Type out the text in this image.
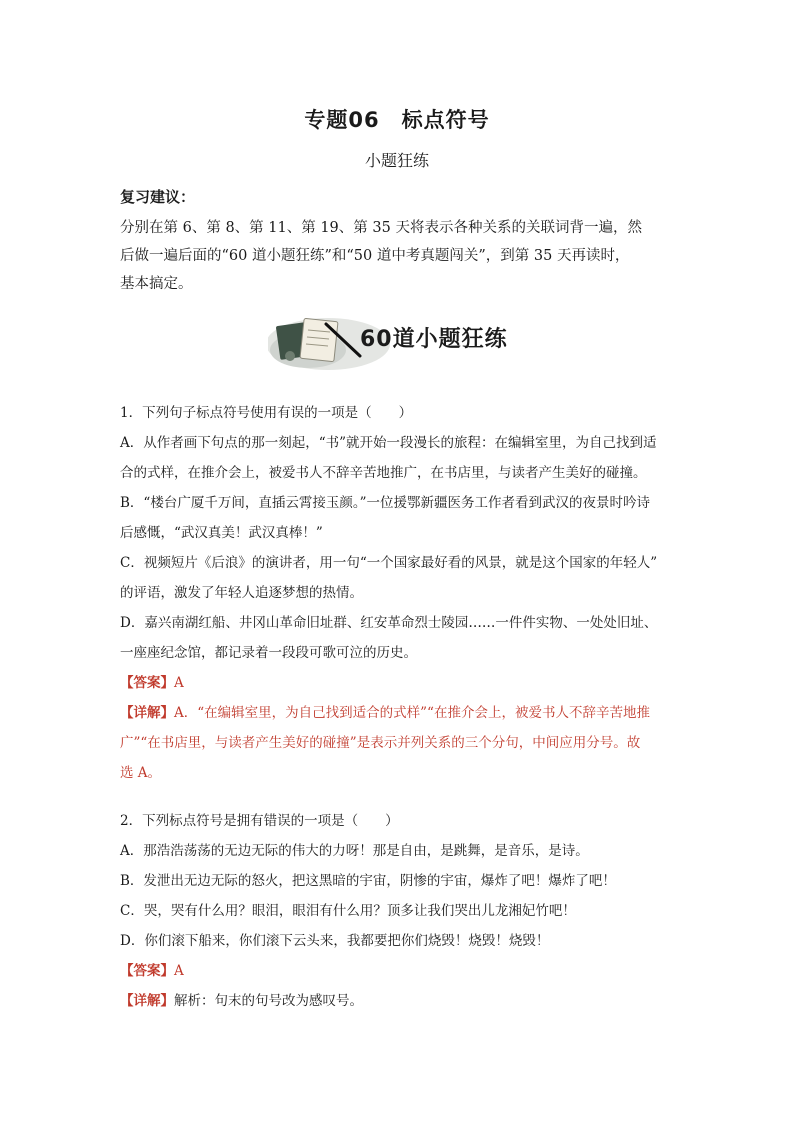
专题06　标点符号
小题狂练
复习建议：
分别在第 6、第 8、第 11、第 19、第 35 天将表示各种关系的关联词背一遍，然
后做一遍后面的“60 道小题狂练”和“50 道中考真题闯关”，到第 35 天再读时，
基本搞定。
60道小题狂练
1．下列句子标点符号使用有误的一项是（　　）
A．从作者画下句点的那一刻起，“书”就开始一段漫长的旅程：在编辑室里，为自己找到适
合的式样，在推介会上，被爱书人不辞辛苦地推广，在书店里，与读者产生美好的碰撞。
B．“楼台广厦千万间，直插云霄接玉颜。”一位援鄂新疆医务工作者看到武汉的夜景时吟诗
后感慨，“武汉真美！武汉真棒！”
C．视频短片《后浪》的演讲者，用一句“一个国家最好看的风景，就是这个国家的年轻人”
的评语，激发了年轻人追逐梦想的热情。
D．嘉兴南湖红船、井冈山革命旧址群、红安革命烈士陵园……一件件实物、一处处旧址、
一座座纪念馆，都记录着一段段可歌可泣的历史。
【答案】A
【详解】A．“在编辑室里，为自己找到适合的式样”“在推介会上，被爱书人不辞辛苦地推
广”“在书店里，与读者产生美好的碰撞”是表示并列关系的三个分句，中间应用分号。故
选 A。
2．下列标点符号是拥有错误的一项是（　　）
A．那浩浩荡荡的无边无际的伟大的力呀！那是自由，是跳舞，是音乐，是诗。
B．发泄出无边无际的怒火，把这黑暗的宇宙，阴惨的宇宙，爆炸了吧！爆炸了吧！
C．哭，哭有什么用？眼泪，眼泪有什么用？顶多让我们哭出儿龙湘妃竹吧！
D．你们滚下船来，你们滚下云头来，我都要把你们烧毁！烧毁！烧毁！
【答案】A
【详解】解析：句末的句号改为感叹号。
